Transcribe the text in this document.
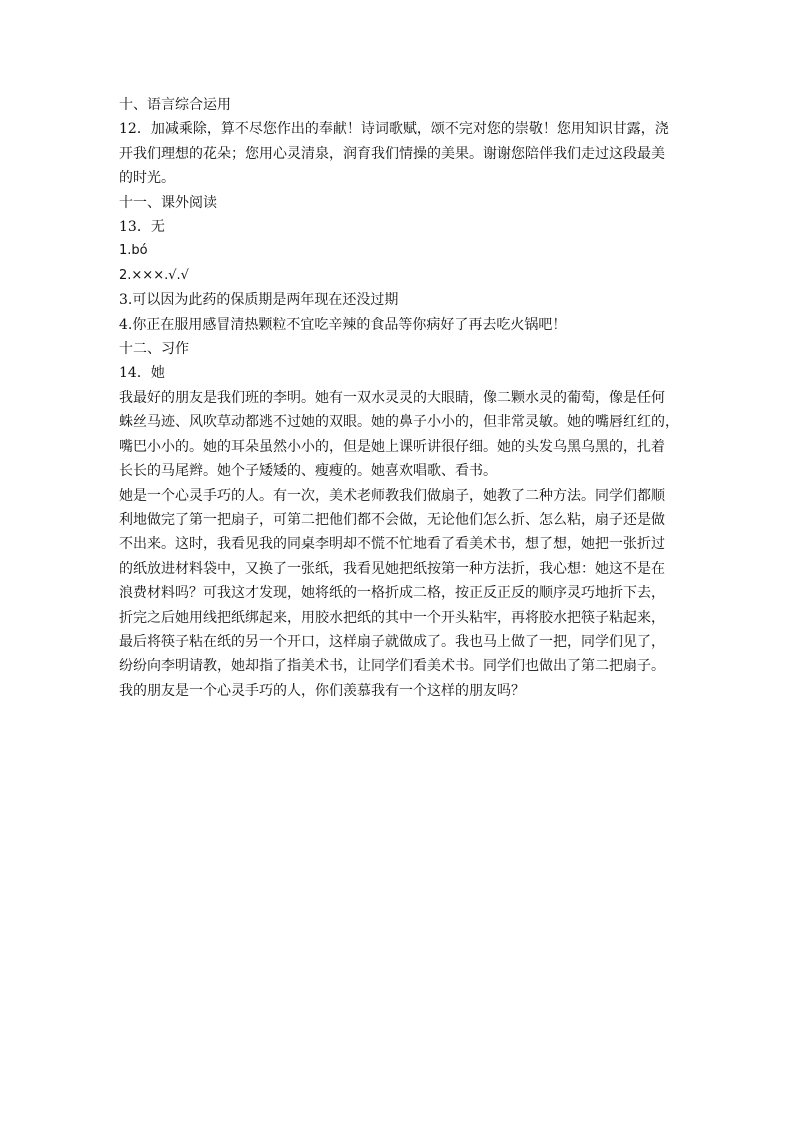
十、语言综合运用
12．加减乘除，算不尽您作出的奉献！诗词歌赋，颂不完对您的崇敬！您用知识甘露，浇
开我们理想的花朵；您用心灵清泉，润育我们情操的美果。谢谢您陪伴我们走过这段最美
的时光。
十一、课外阅读
13．无
1.bó
2.×××.√.√
3.可以因为此药的保质期是两年现在还没过期
4.你正在服用感冒清热颗粒不宜吃辛辣的食品等你病好了再去吃火锅吧！
十二、习作
14．她
我最好的朋友是我们班的李明。她有一双水灵灵的大眼睛，像二颗水灵的葡萄，像是任何
蛛丝马迹、风吹草动都逃不过她的双眼。她的鼻子小小的，但非常灵敏。她的嘴唇红红的，
嘴巴小小的。她的耳朵虽然小小的，但是她上课听讲很仔细。她的头发乌黑乌黑的，扎着
长长的马尾辫。她个子矮矮的、瘦瘦的。她喜欢唱歌、看书。
她是一个心灵手巧的人。有一次，美术老师教我们做扇子，她教了二种方法。同学们都顺
利地做完了第一把扇子，可第二把他们都不会做，无论他们怎么折、怎么粘，扇子还是做
不出来。这时，我看见我的同桌李明却不慌不忙地看了看美术书，想了想，她把一张折过
的纸放进材料袋中，又换了一张纸，我看见她把纸按第一种方法折，我心想：她这不是在
浪费材料吗？可我这才发现，她将纸的一格折成二格，按正反正反的顺序灵巧地折下去，
折完之后她用线把纸绑起来，用胶水把纸的其中一个开头粘牢，再将胶水把筷子粘起来，
最后将筷子粘在纸的另一个开口，这样扇子就做成了。我也马上做了一把，同学们见了，
纷纷向李明请教，她却指了指美术书，让同学们看美术书。同学们也做出了第二把扇子。
我的朋友是一个心灵手巧的人，你们羡慕我有一个这样的朋友吗？
